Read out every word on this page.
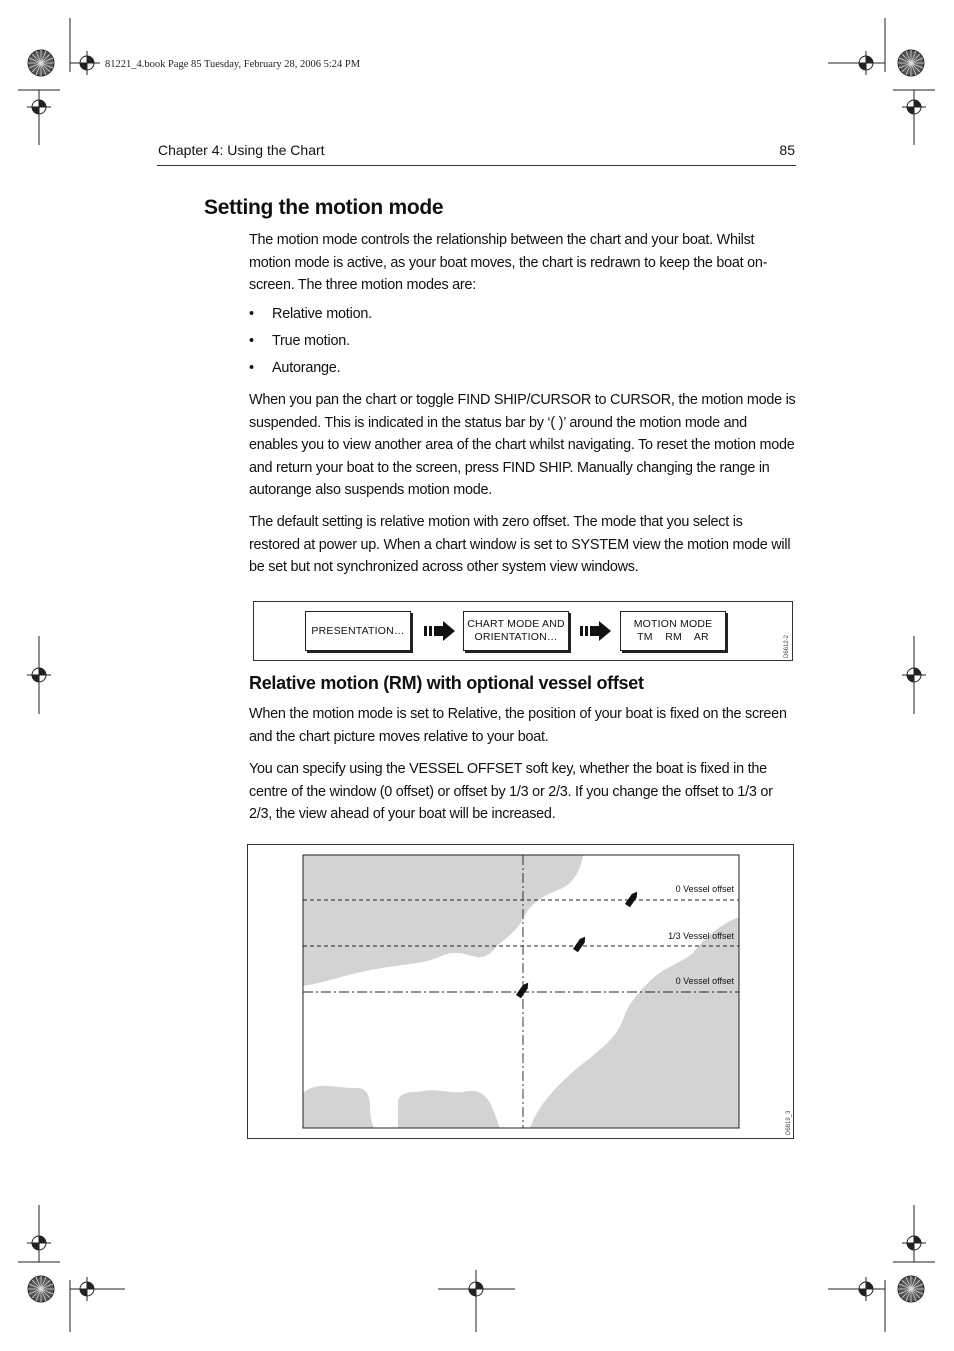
81221_4.book Page 85 Tuesday, February 28, 2006 5:24 PM
Chapter 4: Using the Chart	85
Setting the motion mode

The motion mode controls the relationship between the chart and your boat. Whilst motion mode is active, as your boat moves, the chart is redrawn to keep the boat on-screen. The three motion modes are:

• Relative motion.
• True motion.
• Autorange.

When you pan the chart or toggle FIND SHIP/CURSOR to CURSOR, the motion mode is suspended. This is indicated in the status bar by ‘( )’ around the motion mode and enables you to view another area of the chart whilst navigating. To reset the motion mode and return your boat to the screen, press FIND SHIP. Manually changing the range in autorange also suspends motion mode.

The default setting is relative motion with zero offset. The mode that you select is restored at power up. When a chart window is set to SYSTEM view the motion mode will be set but not synchronized across other system view windows.

PRESENTATION…
CHART MODE AND
ORIENTATION…
MOTION MODE
TM    RM    AR	D6612-2
Relative motion (RM) with optional vessel offset

When the motion mode is set to Relative, the position of your boat is fixed on the screen and the chart picture moves relative to your boat.

You can specify using the VESSEL OFFSET soft key, whether the boat is fixed in the centre of the window (0 offset) or offset by 1/3 or 2/3. If you change the offset to 1/3 or 2/3, the view ahead of your boat will be increased.

0 Vessel offset
1/3 Vessel offset
0 Vessel offset
D6819_3
